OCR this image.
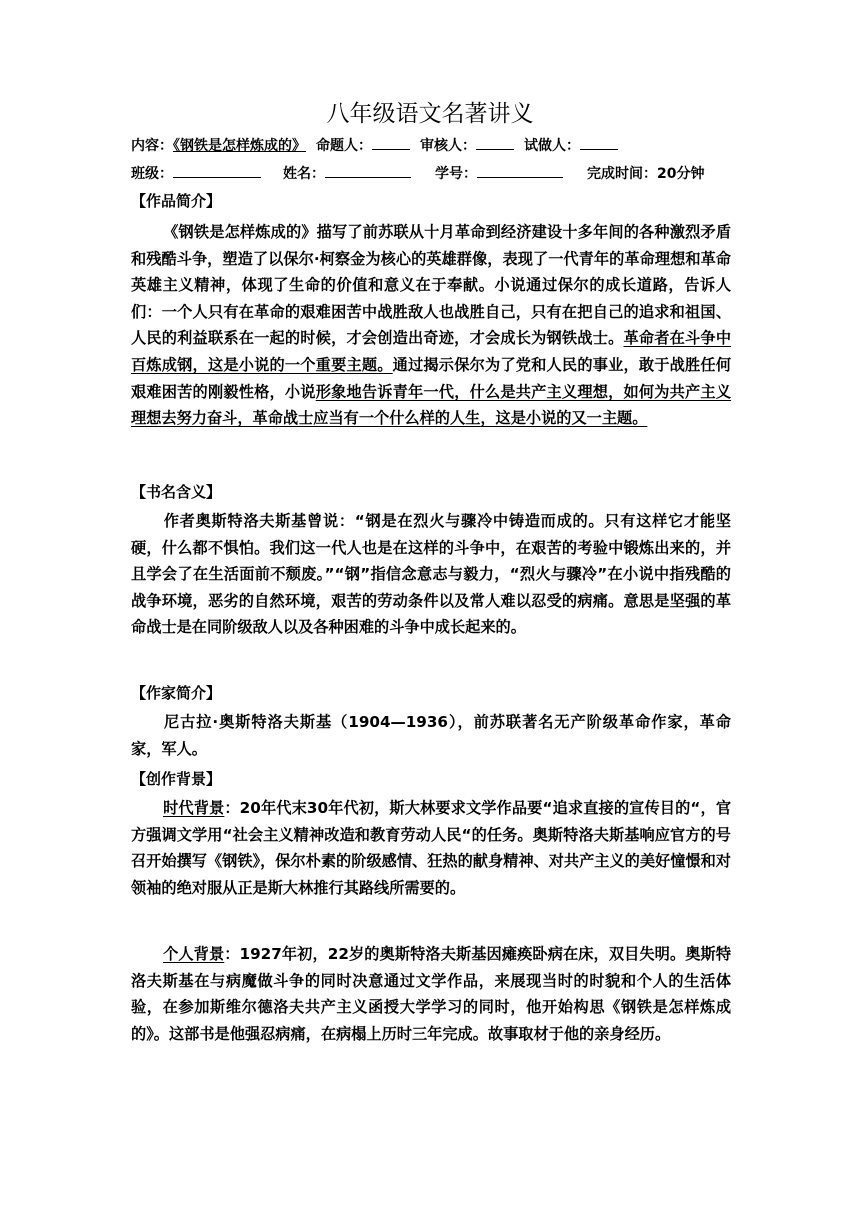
八年级语文名著讲义
内容：《钢铁是怎样炼成的》 命题人：	审核人：	试做人：
班级：	姓名：	学号：	完成时间：20分钟
【作品简介】
《钢铁是怎样炼成的》描写了前苏联从十月革命到经济建设十多年间的各种激烈矛盾和残酷斗争，塑造了以保尔·柯察金为核心的英雄群像，表现了一代青年的革命理想和革命英雄主义精神，体现了生命的价值和意义在于奉献。小说通过保尔的成长道路，告诉人们：一个人只有在革命的艰难困苦中战胜敌人也战胜自己，只有在把自己的追求和祖国、人民的利益联系在一起的时候，才会创造出奇迹，才会成长为钢铁战士。革命者在斗争中百炼成钢，这是小说的一个重要主题。通过揭示保尔为了党和人民的事业，敢于战胜任何艰难困苦的刚毅性格，小说形象地告诉青年一代，什么是共产主义理想，如何为共产主义理想去努力奋斗，革命战士应当有一个什么样的人生，这是小说的又一主题。
【书名含义】
作者奥斯特洛夫斯基曾说：“钢是在烈火与骤冷中铸造而成的。只有这样它才能坚硬，什么都不惧怕。我们这一代人也是在这样的斗争中，在艰苦的考验中锻炼出来的，并且学会了在生活面前不颓废。”“钢”指信念意志与毅力，“烈火与骤冷”在小说中指残酷的战争环境，恶劣的自然环境，艰苦的劳动条件以及常人难以忍受的病痛。意思是坚强的革命战士是在同阶级敌人以及各种困难的斗争中成长起来的。
【作家简介】
尼古拉·奥斯特洛夫斯基（1904—1936），前苏联著名无产阶级革命作家，革命家，军人。
【创作背景】
时代背景：20年代末30年代初，斯大林要求文学作品要“追求直接的宣传目的“，官方强调文学用“社会主义精神改造和教育劳动人民“的任务。奥斯特洛夫斯基响应官方的号召开始撰写《钢铁》，保尔朴素的阶级感情、狂热的献身精神、对共产主义的美好憧憬和对领袖的绝对服从正是斯大林推行其路线所需要的。
个人背景：1927年初，22岁的奥斯特洛夫斯基因瘫痪卧病在床，双目失明。奥斯特洛夫斯基在与病魔做斗争的同时决意通过文学作品，来展现当时的时貌和个人的生活体验，在参加斯维尔德洛夫共产主义函授大学学习的同时，他开始构思《钢铁是怎样炼成的》。这部书是他强忍病痛，在病榻上历时三年完成。故事取材于他的亲身经历。
